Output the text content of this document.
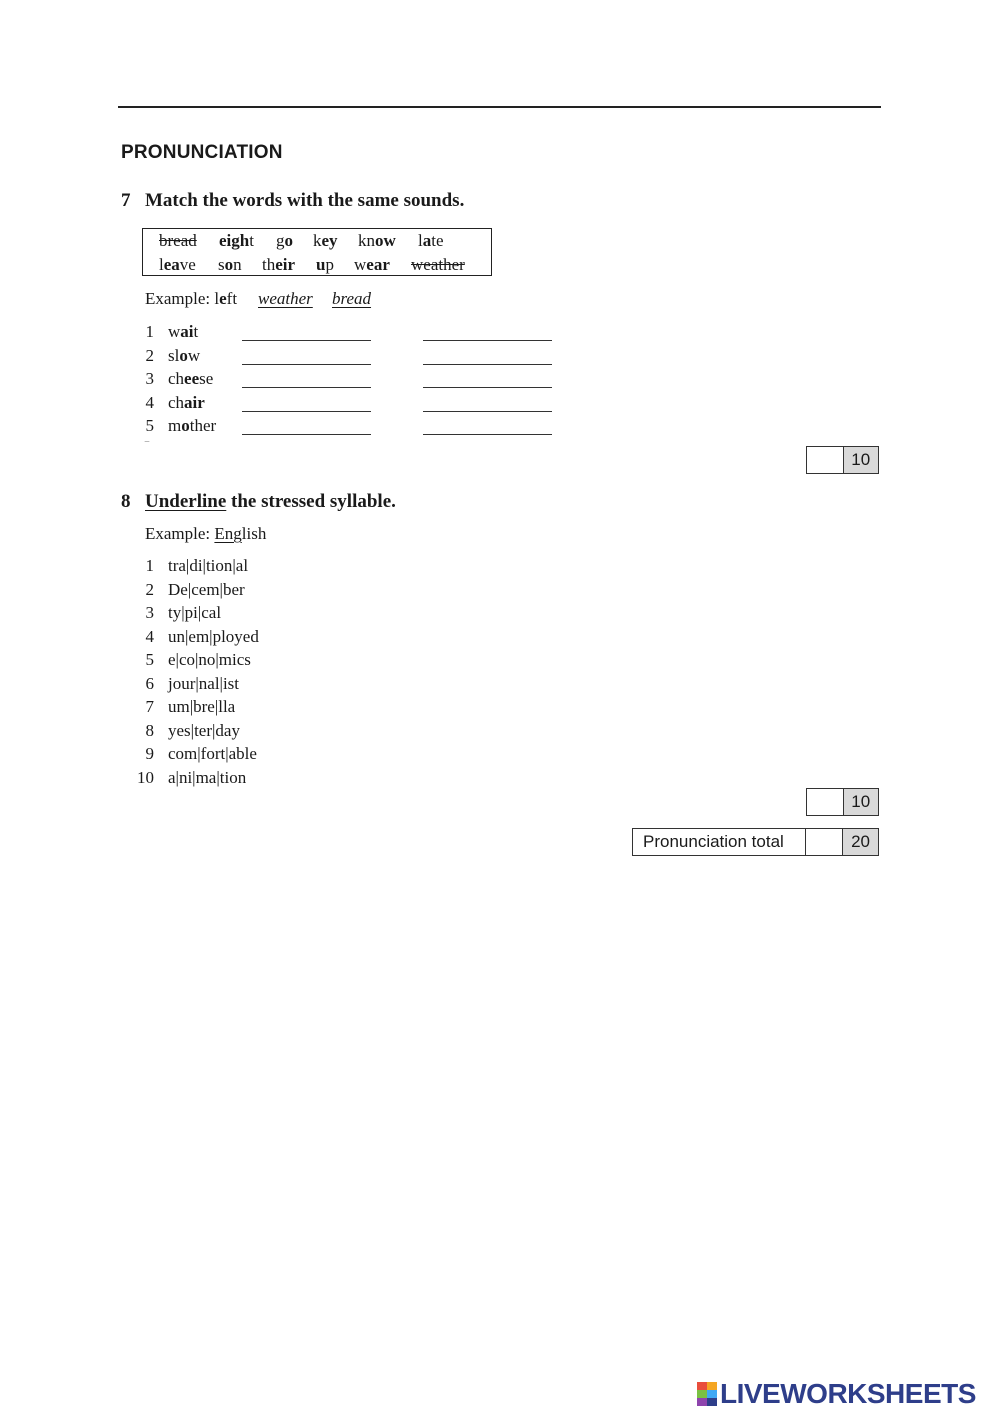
PRONUNCIATION
7 Match the words with the same sounds.
bread eight go key know late
leave son their up wear weather
Example: left weather bread
1 wait
2 slow
3 cheese
4 chair
5 mother
‾
10
8 Underline the stressed syllable.
Example: English
1 tra|di|tion|al
2 De|cem|ber
3 ty|pi|cal
4 un|em|ployed
5 e|co|no|mics
6 jour|nal|ist
7 um|bre|lla
8 yes|ter|day
9 com|fort|able
10 a|ni|ma|tion
10
Pronunciation total	20
LIVEWORKSHEETS
